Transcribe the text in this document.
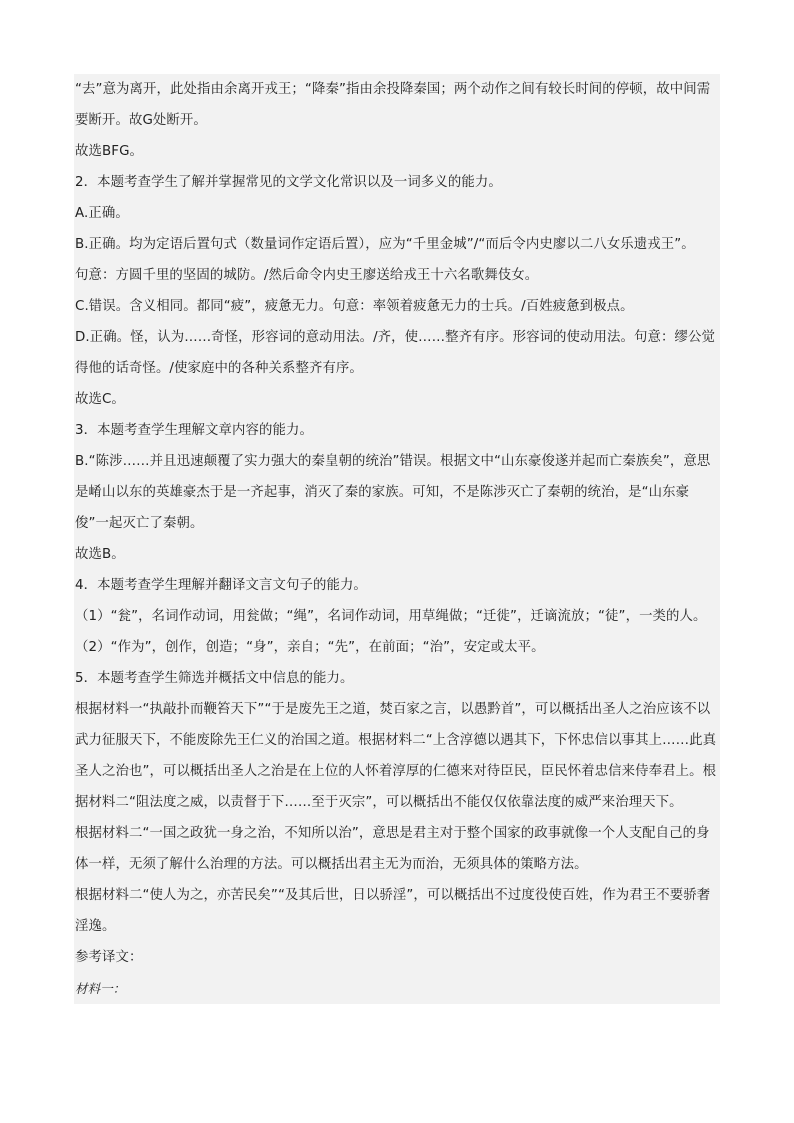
“去”意为离开，此处指由余离开戎王；“降秦”指由余投降秦国；两个动作之间有较长时间的停顿，故中间需要断开。故G处断开。

故选BFG。

2．本题考查学生了解并掌握常见的文学文化常识以及一词多义的能力。

A.正确。

B.正确。均为定语后置句式（数量词作定语后置），应为“千里金城”/“而后令内史廖以二八女乐遗戎王”。

句意：方圆千里的坚固的城防。/然后命令内史王廖送给戎王十六名歌舞伎女。

C.错误。含义相同。都同“疲”，疲惫无力。句意：率领着疲惫无力的士兵。/百姓疲惫到极点。

D.正确。怪，认为……奇怪，形容词的意动用法。/齐，使……整齐有序。形容词的使动用法。句意：缪公觉得他的话奇怪。/使家庭中的各种关系整齐有序。

故选C。

3．本题考查学生理解文章内容的能力。

B.“陈涉……并且迅速颠覆了实力强大的秦皇朝的统治”错误。根据文中“山东豪俊遂并起而亡秦族矣”，意思是崤山以东的英雄豪杰于是一齐起事，消灭了秦的家族。可知，不是陈涉灭亡了秦朝的统治，是“山东豪俊”一起灭亡了秦朝。

故选B。

4．本题考查学生理解并翻译文言文句子的能力。

（1）“瓮”，名词作动词，用瓮做；“绳”，名词作动词，用草绳做；“迁徙”，迁谪流放；“徒”，一类的人。

（2）“作为”，创作，创造；“身”，亲自；“先”，在前面；“治”，安定或太平。

5．本题考查学生筛选并概括文中信息的能力。

根据材料一“执敲扑而鞭笞天下”“于是废先王之道，焚百家之言，以愚黔首”，可以概括出圣人之治应该不以武力征服天下，不能废除先王仁义的治国之道。根据材料二“上含淳德以遇其下，下怀忠信以事其上……此真圣人之治也”，可以概括出圣人之治是在上位的人怀着淳厚的仁德来对待臣民，臣民怀着忠信来侍奉君上。根据材料二“阻法度之威，以责督于下……至于灭宗”，可以概括出不能仅仅依靠法度的威严来治理天下。

根据材料二“一国之政犹一身之治，不知所以治”，意思是君主对于整个国家的政事就像一个人支配自己的身体一样，无须了解什么治理的方法。可以概括出君主无为而治，无须具体的策略方法。

根据材料二“使人为之，亦苦民矣”“及其后世，日以骄淫”，可以概括出不过度役使百姓，作为君王不要骄奢淫逸。

参考译文：

材料一：
